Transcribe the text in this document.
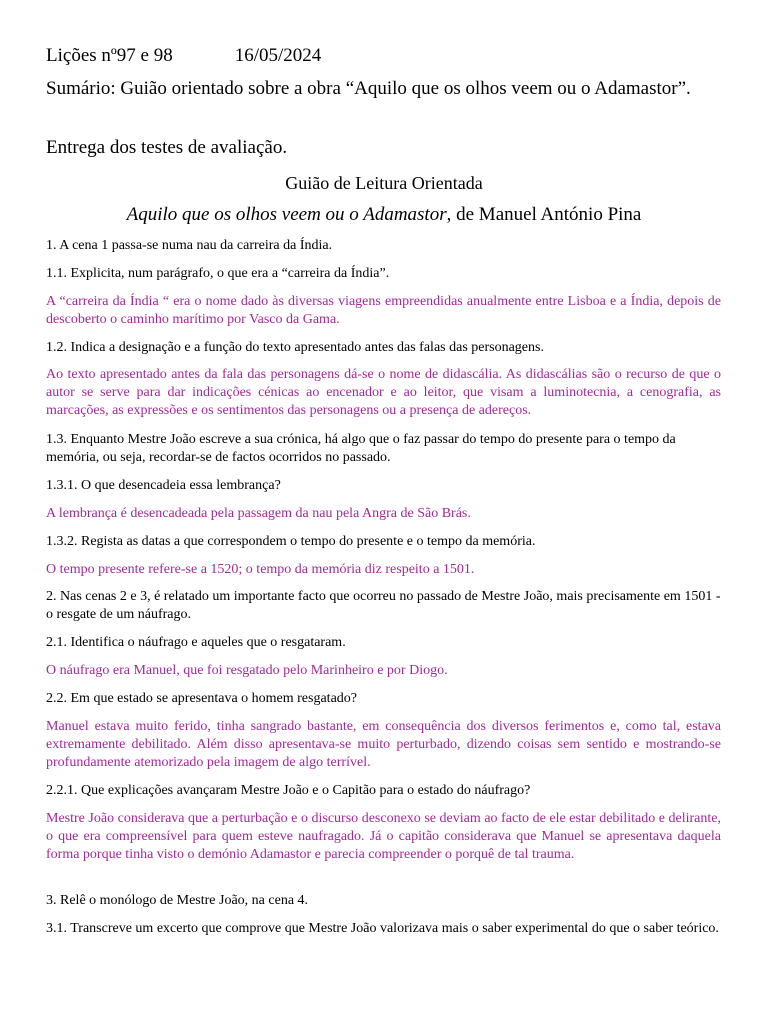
Lições nº97 e 98	16/05/2024
Sumário: Guião orientado sobre a obra “Aquilo que os olhos veem ou o Adamastor”.
Entrega dos testes de avaliação.
Guião de Leitura Orientada
Aquilo que os olhos veem ou o Adamastor, de Manuel António Pina
1. A cena 1 passa-se numa nau da carreira da Índia.
1.1. Explicita, num parágrafo, o que era a “carreira da Índia”.
A “carreira da Índia “ era o nome dado às diversas viagens empreendidas anualmente entre Lisboa e a Índia, depois de descoberto o caminho marítimo por Vasco da Gama.
1.2. Indica a designação e a função do texto apresentado antes das falas das personagens.
Ao texto apresentado antes da fala das personagens dá-se o nome de didascália. As didascálias são o recurso de que o autor se serve para dar indicações cénicas ao encenador e ao leitor, que visam a luminotecnia, a cenografia, as marcações, as expressões e os sentimentos das personagens ou a presença de adereços.
1.3. Enquanto Mestre João escreve a sua crónica, há algo que o faz passar do tempo do presente para o tempo da memória, ou seja, recordar-se de factos ocorridos no passado.
1.3.1. O que desencadeia essa lembrança?
A lembrança é desencadeada pela passagem da nau pela Angra de São Brás.
1.3.2. Regista as datas a que correspondem o tempo do presente e o tempo da memória.
O tempo presente refere-se a 1520; o tempo da memória diz respeito a 1501.
2. Nas cenas 2 e 3, é relatado um importante facto que ocorreu no passado de Mestre João, mais precisamente em 1501 - o resgate de um náufrago.
2.1. Identifica o náufrago e aqueles que o resgataram.
O náufrago era Manuel, que foi resgatado pelo Marinheiro e por Diogo.
2.2. Em que estado se apresentava o homem resgatado?
Manuel estava muito ferido, tinha sangrado bastante, em consequência dos diversos ferimentos e, como tal, estava extremamente debilitado. Além disso apresentava-se muito perturbado, dizendo coisas sem sentido e mostrando-se profundamente atemorizado pela imagem de algo terrível.
2.2.1. Que explicações avançaram Mestre João e o Capitão para o estado do náufrago?
Mestre João considerava que a perturbação e o discurso desconexo se deviam ao facto de ele estar debilitado e delirante, o que era compreensível para quem esteve naufragado. Já o capitão considerava que Manuel se apresentava daquela forma porque tinha visto o demónio Adamastor e parecia compreender o porquê de tal trauma.
3. Relê o monólogo de Mestre João, na cena 4.
3.1. Transcreve um excerto que comprove que Mestre João valorizava mais o saber experimental do que o saber teórico.
